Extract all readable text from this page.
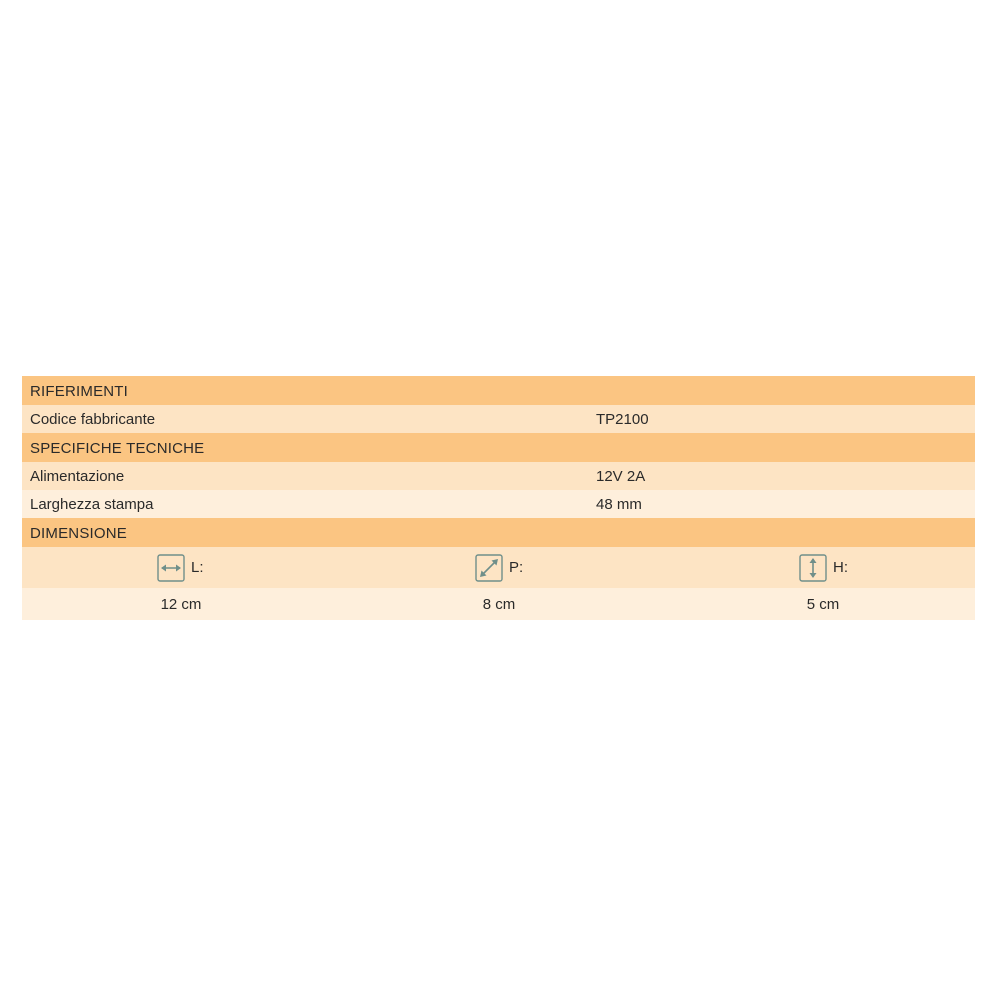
RIFERIMENTI
Codice fabbricante	TP2100
SPECIFICHE TECNICHE
Alimentazione	12V 2A
Larghezza stampa	48 mm
DIMENSIONE
L:	P:	H:
12 cm	8 cm	5 cm
